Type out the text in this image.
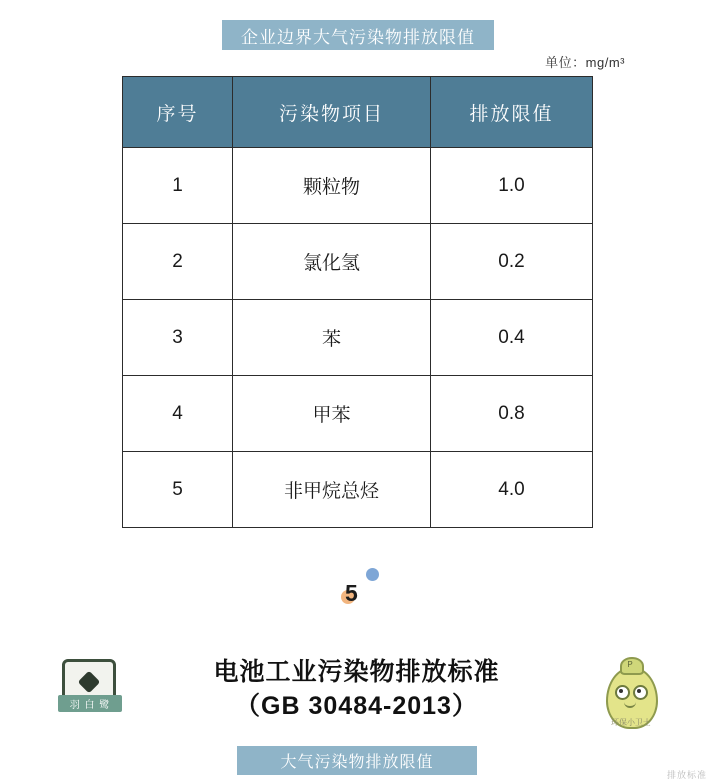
企业边界大气污染物排放限值
单位：mg/m³
序号	污染物项目	排放限值
1	颗粒物	1.0
2	氯化氢	0.2
3	苯	0.4
4	甲苯	0.8
5	非甲烷总烃	4.0
5
电池工业污染物排放标准
（GB 30484-2013）
大气污染物排放限值
羽 白 鹭
P
环保小卫士
排放标准
